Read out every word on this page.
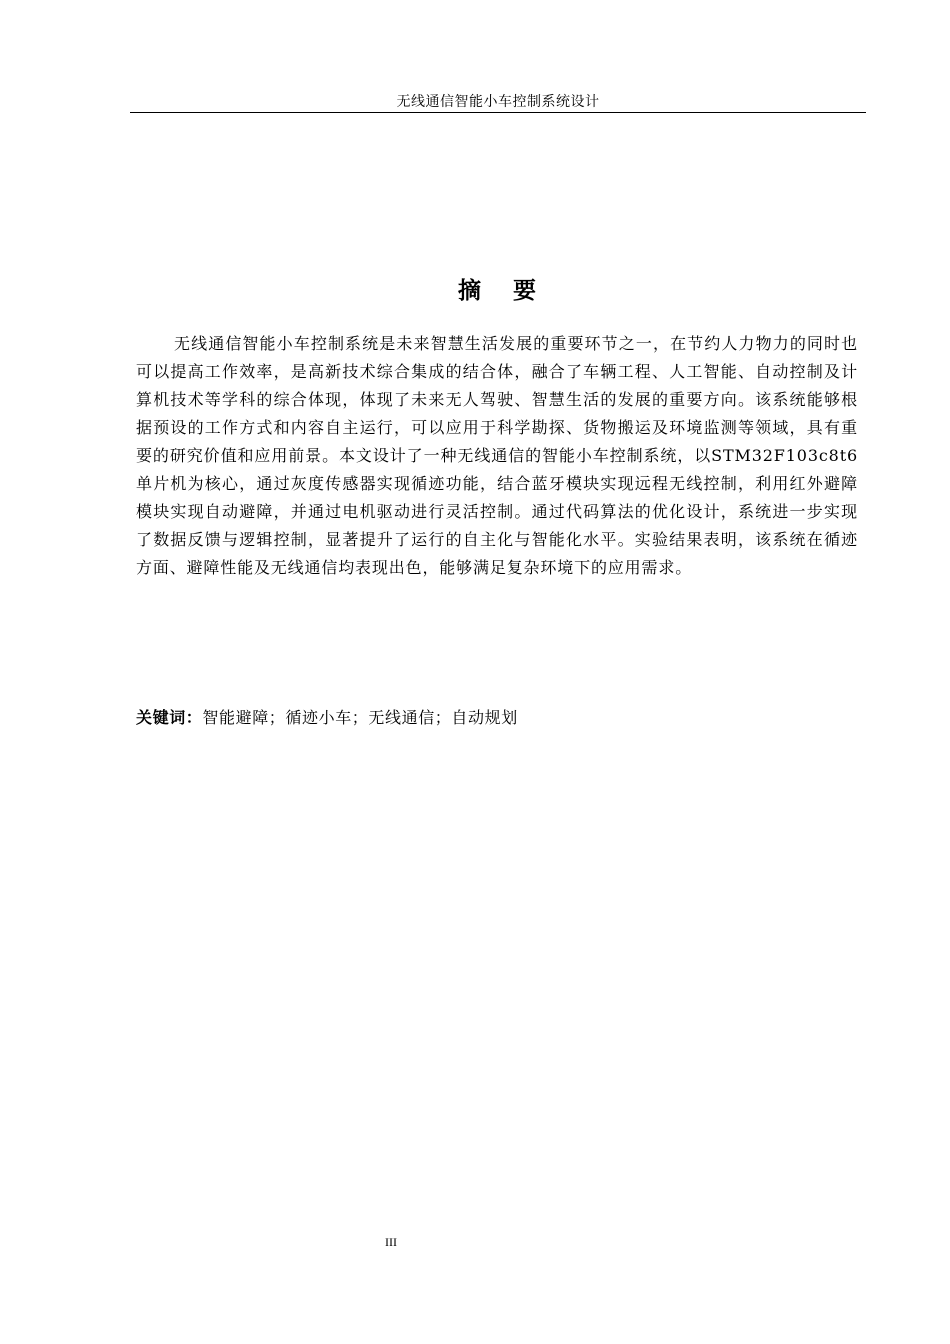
无线通信智能小车控制系统设计
摘 要

无线通信智能小车控制系统是未来智慧生活发展的重要环节之一，在节约人力物力的同时也可以提高工作效率，是高新技术综合集成的结合体，融合了车辆工程、人工智能、自动控制及计算机技术等学科的综合体现，体现了未来无人驾驶、智慧生活的发展的重要方向。该系统能够根据预设的工作方式和内容自主运行，可以应用于科学勘探、货物搬运及环境监测等领域，具有重要的研究价值和应用前景。本文设计了一种无线通信的智能小车控制系统，以STM32F103c8t6单片机为核心，通过灰度传感器实现循迹功能，结合蓝牙模块实现远程无线控制，利用红外避障模块实现自动避障，并通过电机驱动进行灵活控制。通过代码算法的优化设计，系统进一步实现了数据反馈与逻辑控制，显著提升了运行的自主化与智能化水平。实验结果表明，该系统在循迹方面、避障性能及无线通信均表现出色，能够满足复杂环境下的应用需求。

关键词：智能避障；循迹小车；无线通信；自动规划
III
